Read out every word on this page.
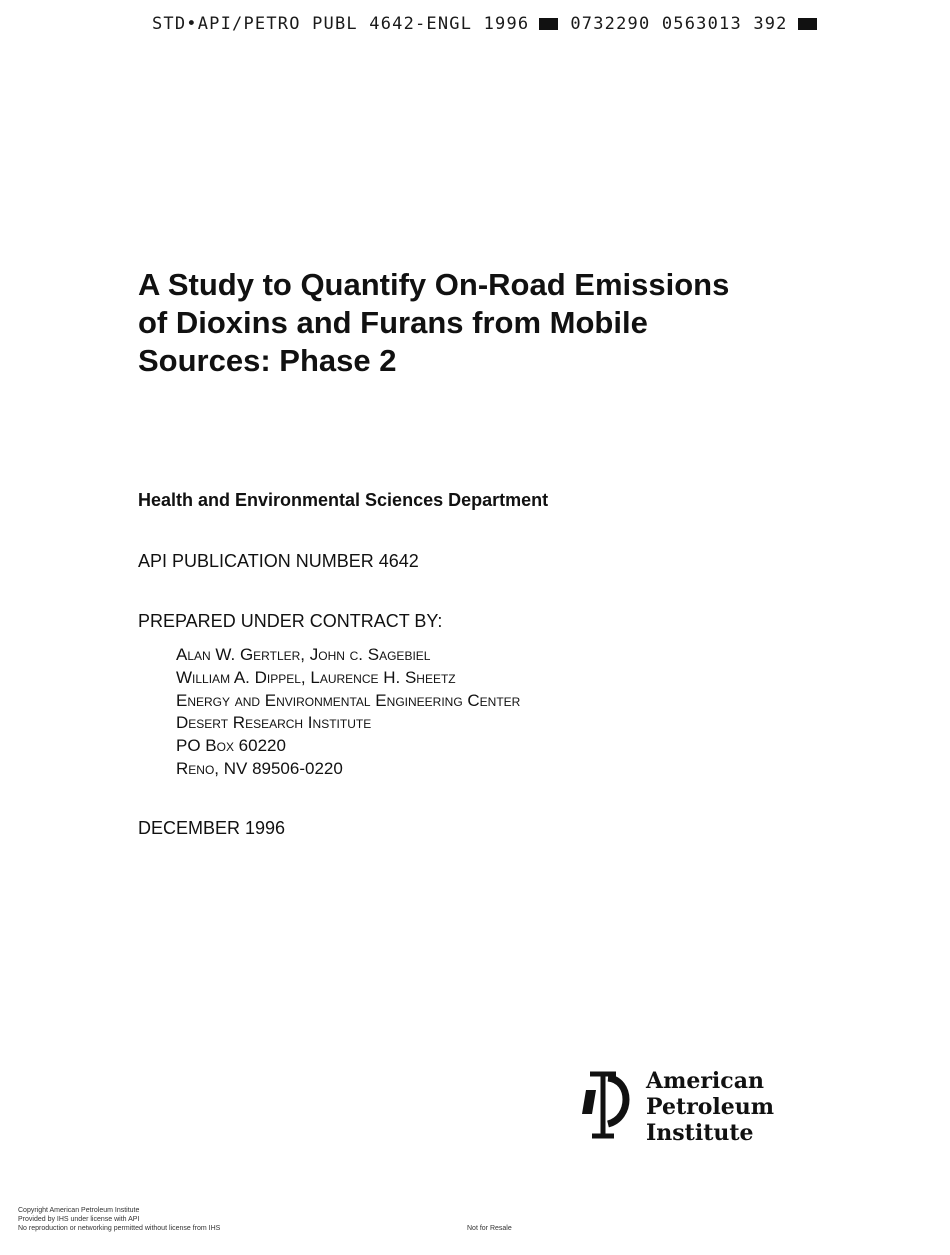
STD•API/PETRO PUBL 4642-ENGL 1996 0732290 0563013 392
A Study to Quantify On-Road Emissions
of Dioxins and Furans from Mobile
Sources: Phase 2
Health and Environmental Sciences Department
API PUBLICATION NUMBER 4642
PREPARED UNDER CONTRACT BY:
Alan W. Gertler, John c. Sagebiel
William A. Dippel, Laurence H. Sheetz
Energy and Environmental Engineering Center
Desert Research Institute
PO Box 60220
Reno, NV 89506-0220
DECEMBER 1996
American
Petroleum
Institute
Copyright American Petroleum Institute
Provided by IHS under license with API
No reproduction or networking permitted without license from IHS	Not for Resale
